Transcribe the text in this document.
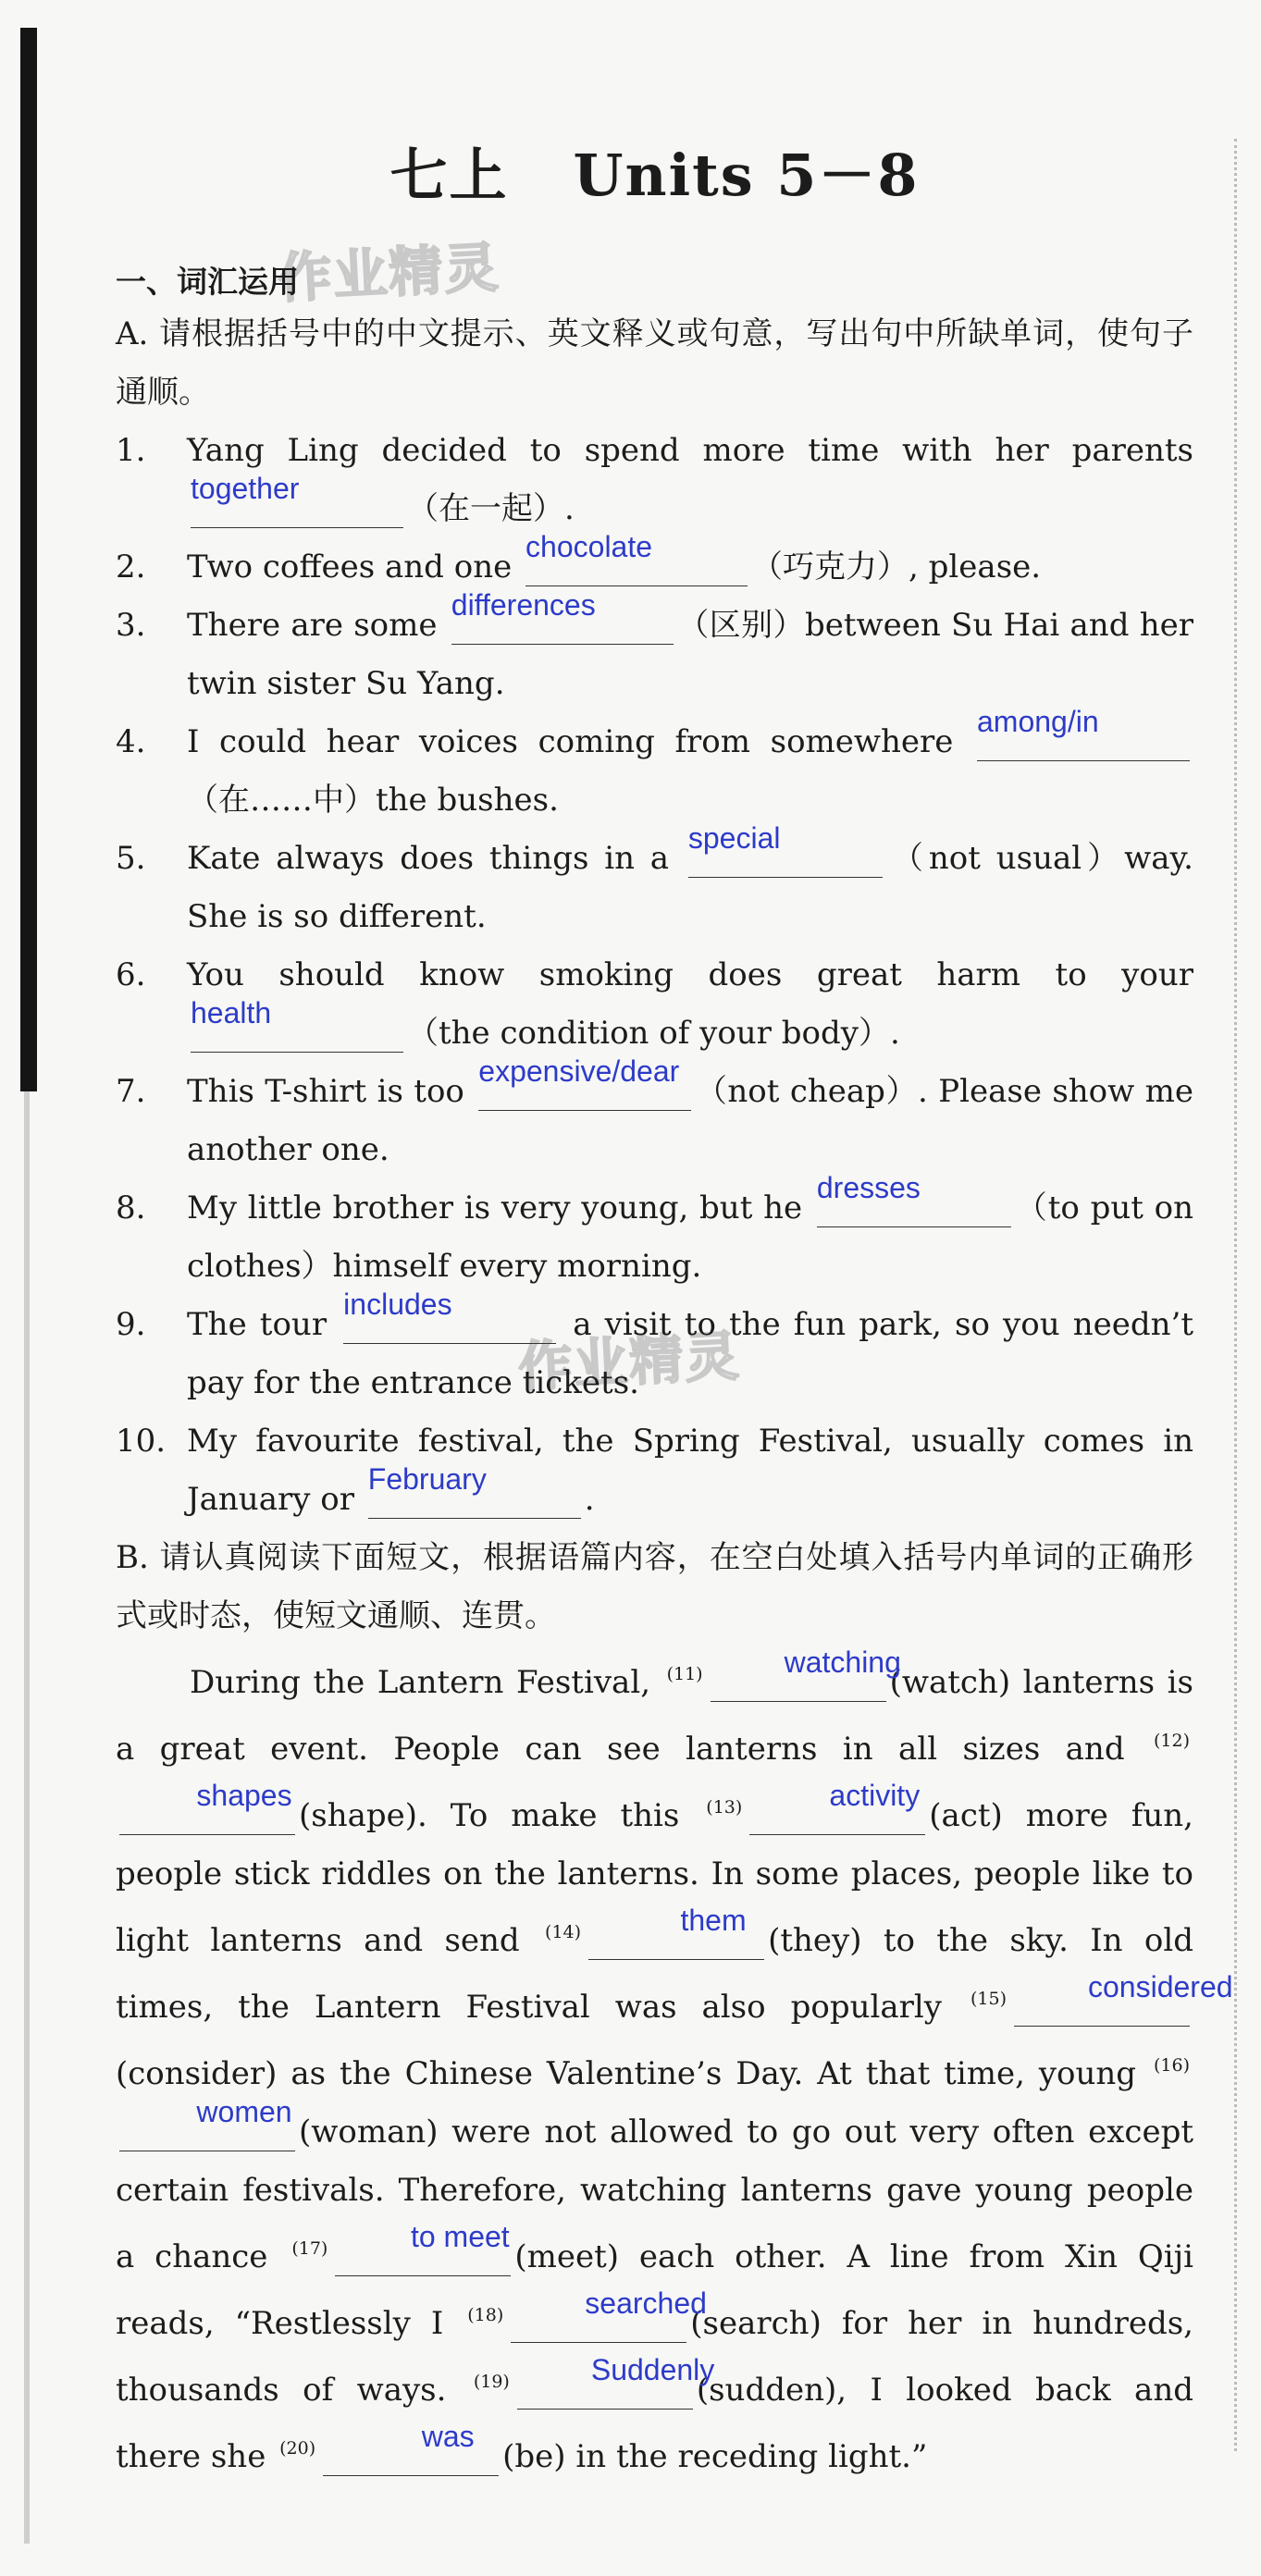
作业精灵
作业精灵
七上 Units 5－8
一、词汇运用
A. 请根据括号中的中文提示、英文释义或句意，写出句中所缺单词，使句子通顺。
1.	Yang Ling decided to spend more time with her parents
together
（在一起）.
2.	Two coffees and one
chocolate
（巧克力）, please.
3.	There are some
differences
（区别）between Su Hai and her twin sister Su Yang.
4.	I could hear voices coming from somewhere
among/in
（在……中）the bushes.
5.	Kate always does things in a
special
（not usual）way. She is so different.
6.	You should know smoking does great harm to your
health
（the condition of your body）.
7.	This T-shirt is too
expensive/dear
（not cheap）. Please show me another one.
8.	My little brother is very young, but he
dresses
（to put on clothes）himself every morning.
9.	The tour
includes
a visit to the fun park, so you needn’t pay for the entrance tickets.
10. My favourite festival, the Spring Festival, usually comes in January or
February
.
B. 请认真阅读下面短文，根据语篇内容，在空白处填入括号内单词的正确形式或时态，使短文通顺、连贯。

During the Lantern Festival, $^{(11)}$	watching
(watch) lanterns is a great event. People can see lanterns in all sizes and $^{(12)}$
shapes
(shape). To make this $^{(13)}$	activity
(act) more fun, people stick riddles on the lanterns. In some places, people like to light lanterns and send $^{(14)}$	them
(they) to the sky. In old times, the Lantern Festival was also popularly $^{(15)}$	considered
(consider) as the Chinese Valentine’s Day. At that time, young $^{(16)}$
women
(woman) were not allowed to go out very often except certain festivals. Therefore, watching lanterns gave young people a chance $^{(17)}$	to meet
(meet) each other. A line from Xin Qiji reads, “Restlessly I $^{(18)}$	searched
(search) for her in hundreds, thousands of ways. $^{(19)}$	Suddenly
(sudden), I looked back and there she $^{(20)}$	was
(be) in the receding light.”
